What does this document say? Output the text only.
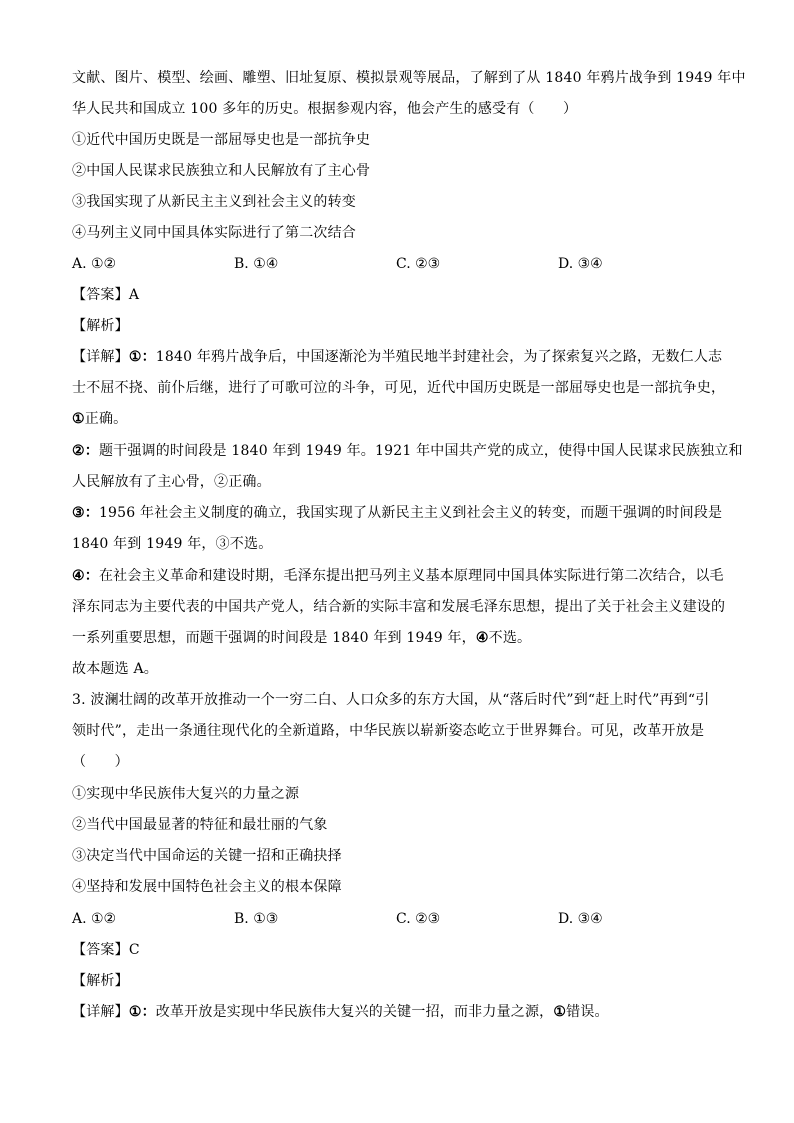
文献、图片、模型、绘画、雕塑、旧址复原、模拟景观等展品，了解到了从 1840 年鸦片战争到 1949 年中
华人民共和国成立 100 多年的历史。根据参观内容，他会产生的感受有（　　）
①近代中国历史既是一部屈辱史也是一部抗争史
②中国人民谋求民族独立和人民解放有了主心骨
③我国实现了从新民主主义到社会主义的转变
④马列主义同中国具体实际进行了第二次结合
A. ①②	B. ①④	C. ②③	D. ③④
【答案】A
【解析】
【详解】①：1840 年鸦片战争后，中国逐渐沦为半殖民地半封建社会，为了探索复兴之路，无数仁人志
士不屈不挠、前仆后继，进行了可歌可泣的斗争，可见，近代中国历史既是一部屈辱史也是一部抗争史，
①正确。
②：题干强调的时间段是 1840 年到 1949 年。1921 年中国共产党的成立，使得中国人民谋求民族独立和
人民解放有了主心骨，②正确。
③：1956 年社会主义制度的确立，我国实现了从新民主主义到社会主义的转变，而题干强调的时间段是
1840 年到 1949 年，③不选。
④：在社会主义革命和建设时期，毛泽东提出把马列主义基本原理同中国具体实际进行第二次结合，以毛
泽东同志为主要代表的中国共产党人，结合新的实际丰富和发展毛泽东思想，提出了关于社会主义建设的
一系列重要思想，而题干强调的时间段是 1840 年到 1949 年，④不选。
故本题选 A。
3. 波澜壮阔的改革开放推动一个一穷二白、人口众多的东方大国，从“落后时代”到“赶上时代”再到“引
领时代”，走出一条通往现代化的全新道路，中华民族以崭新姿态屹立于世界舞台。可见，改革开放是
（　　）
①实现中华民族伟大复兴的力量之源
②当代中国最显著的特征和最壮丽的气象
③决定当代中国命运的关键一招和正确抉择
④坚持和发展中国特色社会主义的根本保障
A. ①②	B. ①③	C. ②③	D. ③④
【答案】C
【解析】
【详解】①：改革开放是实现中华民族伟大复兴的关键一招，而非力量之源，①错误。
